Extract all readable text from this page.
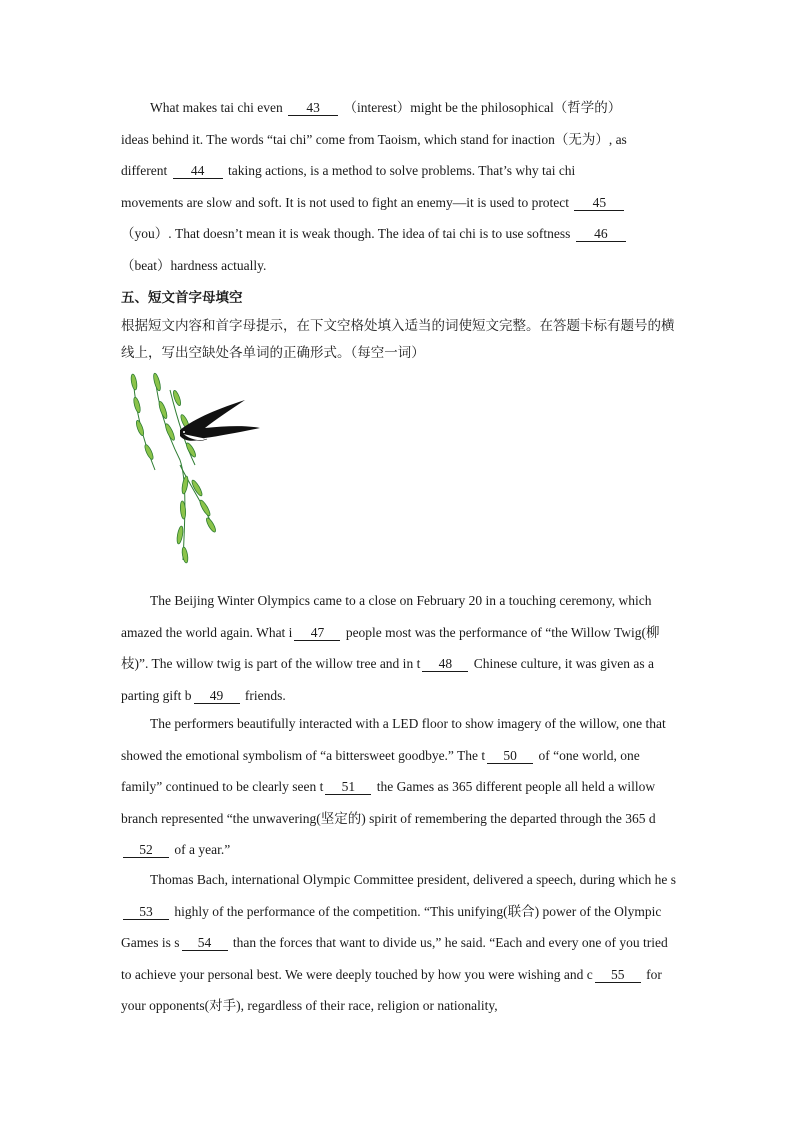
What makes tai chi even 43 （interest）might be the philosophical（哲学的）
ideas behind it. The words “tai chi” come from Taoism, which stand for inaction（无为）, as
different 44 taking actions, is a method to solve problems. That’s why tai chi
movements are slow and soft. It is not used to fight an enemy—it is used to protect 45
（you）. That doesn’t mean it is weak though. The idea of tai chi is to use softness 46
（beat）hardness actually.

五、短文首字母填空

根据短文内容和首字母提示，在下文空格处填入适当的词使短文完整。在答题卡标有题号的横线上，写出空缺处各单词的正确形式。（每空一词）

The Beijing Winter Olympics came to a close on February 20 in a touching ceremony, which amazed the world again. What i 47 people most was the performance of “the Willow Twig(柳枝)”. The willow twig is part of the willow tree and in t 48 Chinese culture, it was given as a parting gift b 49 friends.

The performers beautifully interacted with a LED floor to show imagery of the willow, one that showed the emotional symbolism of “a bittersweet goodbye.” The t 50 of “one world, one family” continued to be clearly seen t 51 the Games as 365 different people all held a willow branch represented “the unwavering(坚定的) spirit of remembering the departed through the 365 d52 of a year.”

Thomas Bach, international Olympic Committee president, delivered a speech, during which he s53 highly of the performance of the competition. “This unifying(联合) power of the Olympic Games is s 54 than the forces that want to divide us,” he said. “Each and every one of you tried to achieve your personal best. We were deeply touched by how you were wishing and c 55 for your opponents(对手), regardless of their race, religion or nationality,
